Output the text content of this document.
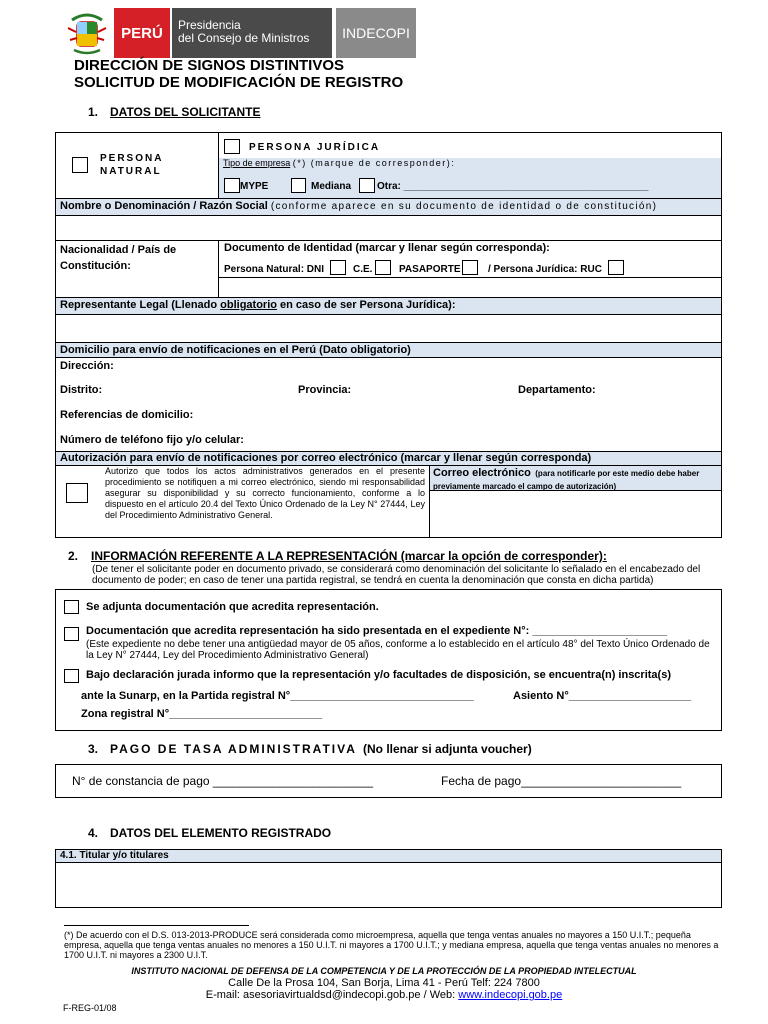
PERÚ Presidencia
del Consejo de Ministros	INDECOPI
DIRECCIÓN DE SIGNOS DISTINTIVOS
SOLICITUD DE MODIFICACIÓN DE REGISTRO
1. DATOS DEL SOLICITANTE
PERSONA NATURAL
PERSONA JURÍDICA
Tipo de empresa (*) (marque de corresponder):
MYPE	Mediana	Otra: ____________________________________________
Nombre o Denominación / Razón Social (conforme aparece en su documento de identidad o de constitución)
Nacionalidad / País de Constitución:
Documento de Identidad (marcar y llenar según corresponda):
Persona Natural: DNI	C.E.	PASAPORTE	/ Persona Jurídica: RUC
Representante Legal (Llenado obligatorio en caso de ser Persona Jurídica):
Domicilio para envío de notificaciones en el Perú (Dato obligatorio)
Dirección:
Distrito:	Provincia:	Departamento:
Referencias de domicilio:
Número de teléfono fijo y/o celular:
Autorización para envío de notificaciones por correo electrónico (marcar y llenar según corresponda)
Autorizo que todos los actos administrativos generados en el presente procedimiento se notifiquen a mi correo electrónico, siendo mi responsabilidad asegurar su disponibilidad y su correcto funcionamiento, conforme a lo dispuesto en el artículo 20.4 del Texto Único Ordenado de la Ley N° 27444, Ley del Procedimiento Administrativo General.
Correo electrónico (para notificarle por este medio debe haber previamente marcado el campo de autorización)
2. INFORMACIÓN REFERENTE A LA REPRESENTACIÓN (marcar la opción de corresponder):
(De tener el solicitante poder en documento privado, se considerará como denominación del solicitante lo señalado en el encabezado del documento de poder; en caso de tener una partida registral, se tendrá en cuenta la denominación que consta en dicha partida)
Se adjunta documentación que acredita representación.
Documentación que acredita representación ha sido presentada en el expediente N°: ______________________
(Este expediente no debe tener una antigüedad mayor de 05 años, conforme a lo establecido en el artículo 48° del Texto Único Ordenado de la Ley N° 27444, Ley del Procedimiento Administrativo General)
Bajo declaración jurada informo que la representación y/o facultades de disposición, se encuentra(n) inscrita(s)
ante la Sunarp, en la Partida registral N°______________________________	Asiento N°____________________
Zona registral N°_________________________
3. PAGO DE TASA ADMINISTRATIVA (No llenar si adjunta voucher)
N° de constancia de pago ________________________	Fecha de pago________________________
4. DATOS DEL ELEMENTO REGISTRADO
4.1. Titular y/o titulares
(*) De acuerdo con el D.S. 013-2013-PRODUCE será considerada como microempresa, aquella que tenga ventas anuales no mayores a 150 U.I.T.; pequeña empresa, aquella que tenga ventas anuales no menores a 150 U.I.T. ni mayores a 1700 U.I.T.; y mediana empresa, aquella que tenga ventas anuales no menores a 1700 U.I.T. ni mayores a 2300 U.I.T.
INSTITUTO NACIONAL DE DEFENSA DE LA COMPETENCIA Y DE LA PROTECCIÓN DE LA PROPIEDAD INTELECTUAL
Calle De la Prosa 104, San Borja, Lima 41 - Perú Telf: 224 7800
E-mail: asesoriavirtualdsd@indecopi.gob.pe / Web: www.indecopi.gob.pe
F-REG-01/08
